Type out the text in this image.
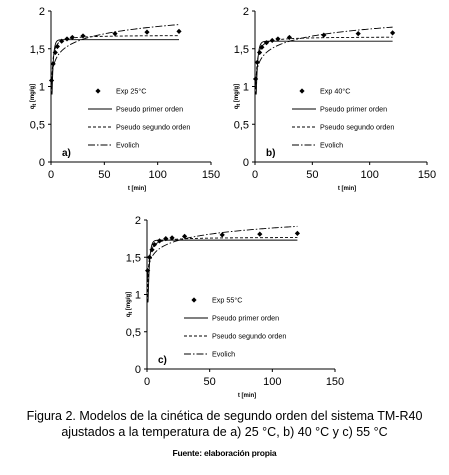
0
0,5
1
1,5
2
0	50	100	150
t [min]
$q_t$ [mg/g]	Exp 25°C
Pseudo primer orden
Pseudo segundo orden
Evolich
a)
0
0,5
1
1,5
2
0	50	100	150
t [min]
$q_t$ [mg/g]	Exp 40°C
Pseudo primer orden
Pseudo segundo orden
Evolich
b)
0
0,5
1
1,5
2
0	50	100	150
t [min]
$q_t$ [mg/g]	Exp 55°C
Pseudo primer orden
Pseudo segundo orden
Evolich
c)
Figura 2. Modelos de la cinética de segundo orden del sistema TM-R40
ajustados a la temperatura de a) 25 °C, b) 40 °C y c) 55 °C
Fuente: elaboración propia
